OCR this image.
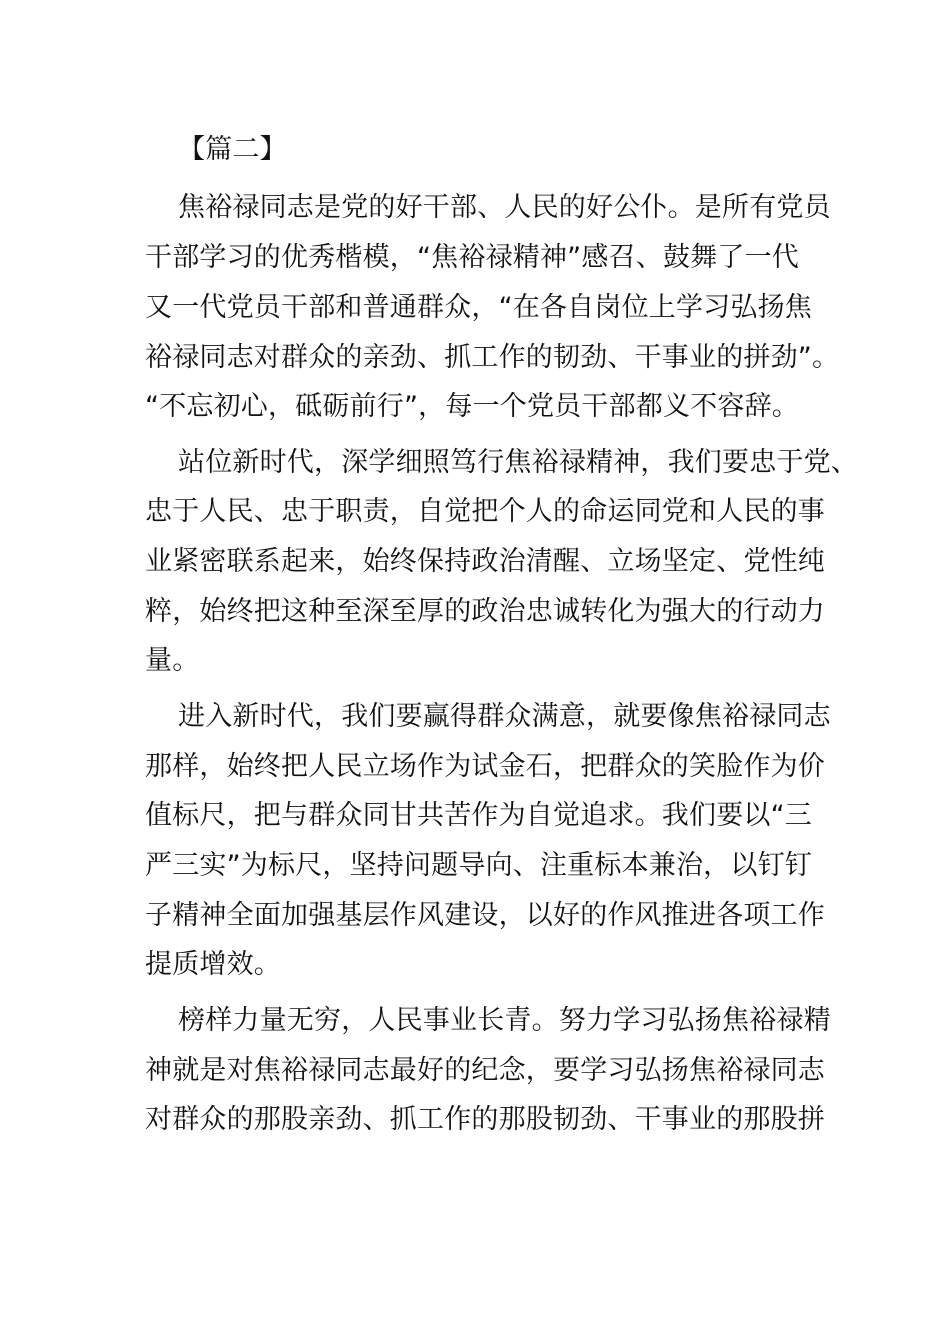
【篇二】
焦裕禄同志是党的好干部、人民的好公仆。是所有党员
干部学习的优秀楷模，“焦裕禄精神”感召、鼓舞了一代
又一代党员干部和普通群众，“在各自岗位上学习弘扬焦
裕禄同志对群众的亲劲、抓工作的韧劲、干事业的拼劲”。
“不忘初心，砥砺前行”，每一个党员干部都义不容辞。
站位新时代，深学细照笃行焦裕禄精神，我们要忠于党、
忠于人民、忠于职责，自觉把个人的命运同党和人民的事
业紧密联系起来，始终保持政治清醒、立场坚定、党性纯
粹，始终把这种至深至厚的政治忠诚转化为强大的行动力
量。
进入新时代，我们要赢得群众满意，就要像焦裕禄同志
那样，始终把人民立场作为试金石，把群众的笑脸作为价
值标尺，把与群众同甘共苦作为自觉追求。我们要以“三
严三实”为标尺，坚持问题导向、注重标本兼治，以钉钉
子精神全面加强基层作风建设，以好的作风推进各项工作
提质增效。
榜样力量无穷，人民事业长青。努力学习弘扬焦裕禄精
神就是对焦裕禄同志最好的纪念，要学习弘扬焦裕禄同志
对群众的那股亲劲、抓工作的那股韧劲、干事业的那股拼
